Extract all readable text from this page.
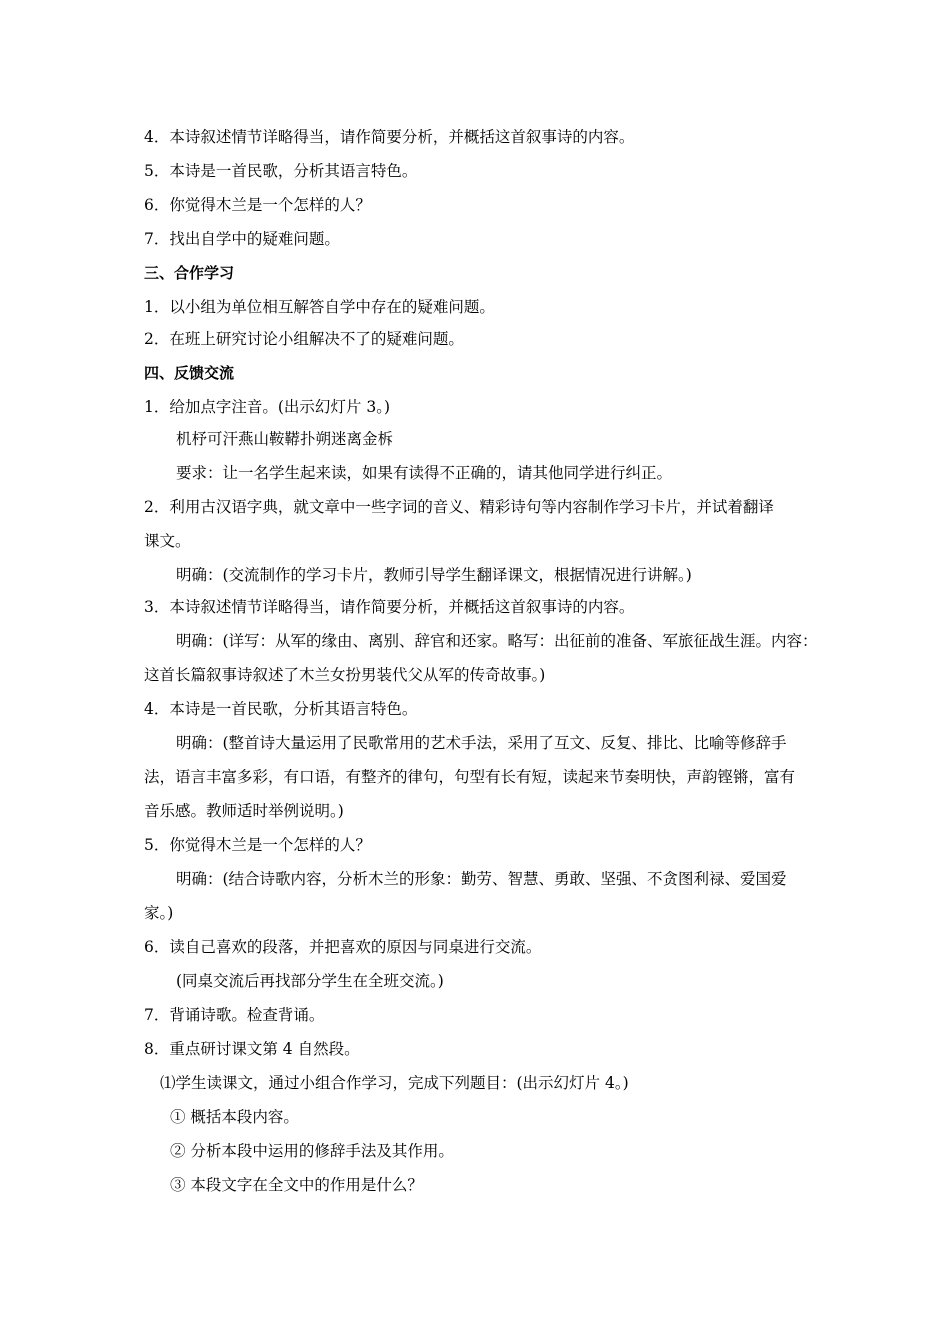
4．本诗叙述情节详略得当，请作简要分析，并概括这首叙事诗的内容。
5．本诗是一首民歌，分析其语言特色。
6．你觉得木兰是一个怎样的人？
7．找出自学中的疑难问题。
三、合作学习
1．以小组为单位相互解答自学中存在的疑难问题。
2．在班上研究讨论小组解决不了的疑难问题。
四、反馈交流
1．给加点字注音。(出示幻灯片 3。)
机杼可汗燕山鞍鞯扑朔迷离金柝
要求：让一名学生起来读，如果有读得不正确的，请其他同学进行纠正。
2．利用古汉语字典，就文章中一些字词的音义、精彩诗句等内容制作学习卡片，并试着翻译
课文。
明确：(交流制作的学习卡片，教师引导学生翻译课文，根据情况进行讲解。)
3．本诗叙述情节详略得当，请作简要分析，并概括这首叙事诗的内容。
明确：(详写：从军的缘由、离别、辞官和还家。略写：出征前的准备、军旅征战生涯。内容：
这首长篇叙事诗叙述了木兰女扮男装代父从军的传奇故事。)
4．本诗是一首民歌，分析其语言特色。
明确：(整首诗大量运用了民歌常用的艺术手法，采用了互文、反复、排比、比喻等修辞手
法，语言丰富多彩，有口语，有整齐的律句，句型有长有短，读起来节奏明快，声韵铿锵，富有
音乐感。教师适时举例说明。)
5．你觉得木兰是一个怎样的人？
明确：(结合诗歌内容，分析木兰的形象：勤劳、智慧、勇敢、坚强、不贪图利禄、爱国爱
家。)
6．读自己喜欢的段落，并把喜欢的原因与同桌进行交流。
(同桌交流后再找部分学生在全班交流。)
7．背诵诗歌。检查背诵。
8．重点研讨课文第 4 自然段。
⑴学生读课文，通过小组合作学习，完成下列题目：(出示幻灯片 4。)
① 概括本段内容。
② 分析本段中运用的修辞手法及其作用。
③ 本段文字在全文中的作用是什么？
